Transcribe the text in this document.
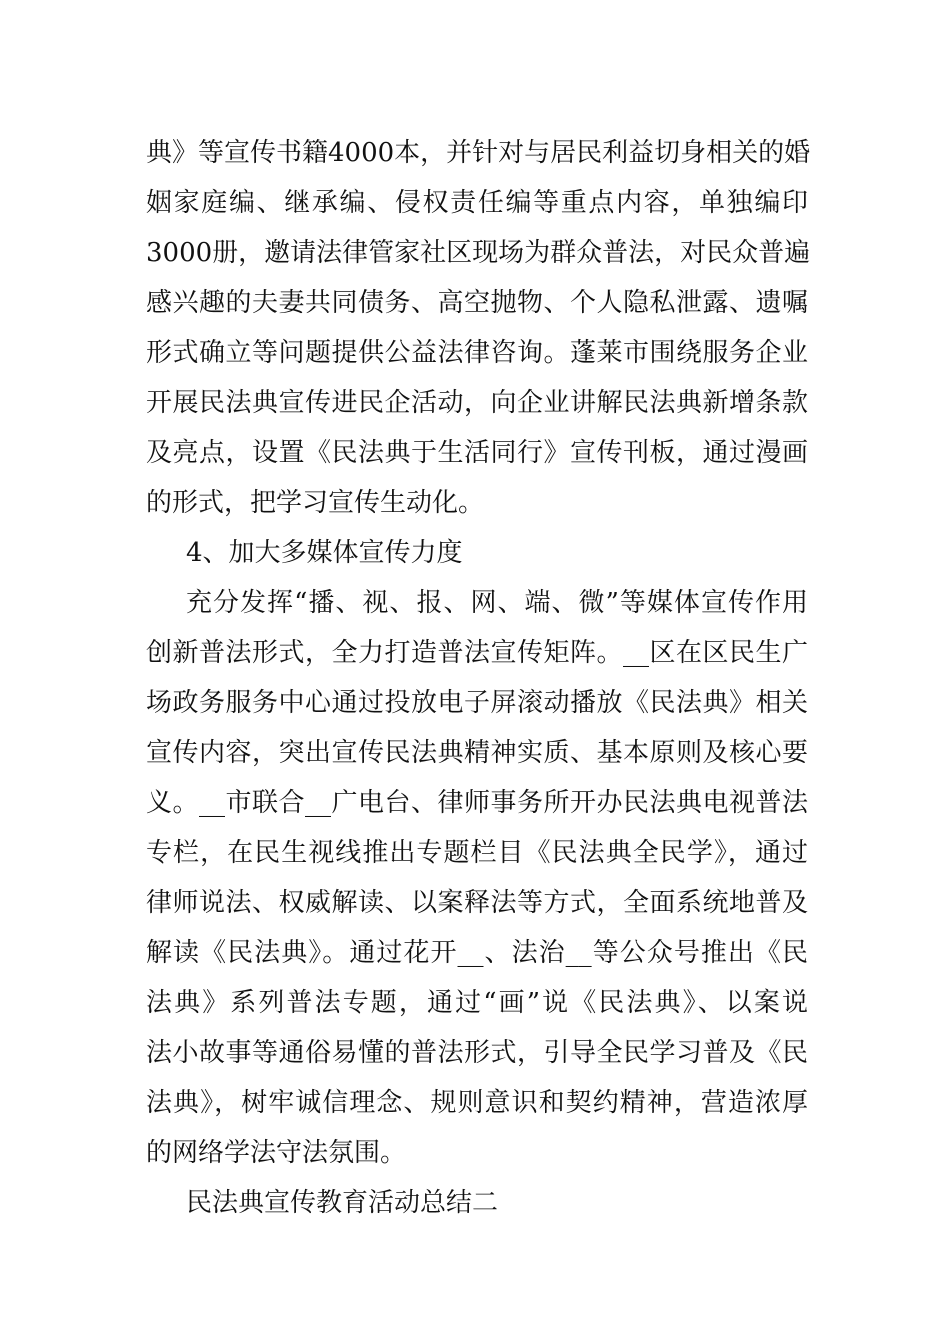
典》等宣传书籍4000本，并针对与居民利益切身相关的婚
姻家庭编、继承编、侵权责任编等重点内容，单独编印
3000册，邀请法律管家社区现场为群众普法，对民众普遍
感兴趣的夫妻共同债务、高空抛物、个人隐私泄露、遗嘱
形式确立等问题提供公益法律咨询。蓬莱市围绕服务企业
开展民法典宣传进民企活动，向企业讲解民法典新增条款
及亮点，设置《民法典于生活同行》宣传刊板，通过漫画
的形式，把学习宣传生动化。
4、加大多媒体宣传力度
充分发挥“播、视、报、网、端、微”等媒体宣传作用
创新普法形式，全力打造普法宣传矩阵。__区在区民生广
场政务服务中心通过投放电子屏滚动播放《民法典》相关
宣传内容，突出宣传民法典精神实质、基本原则及核心要
义。__市联合__广电台、律师事务所开办民法典电视普法
专栏，在民生视线推出专题栏目《民法典全民学》，通过
律师说法、权威解读、以案释法等方式，全面系统地普及
解读《民法典》。通过花开__、法治__等公众号推出《民
法典》系列普法专题，通过“画”说《民法典》、以案说
法小故事等通俗易懂的普法形式，引导全民学习普及《民
法典》，树牢诚信理念、规则意识和契约精神，营造浓厚
的网络学法守法氛围。
民法典宣传教育活动总结二
